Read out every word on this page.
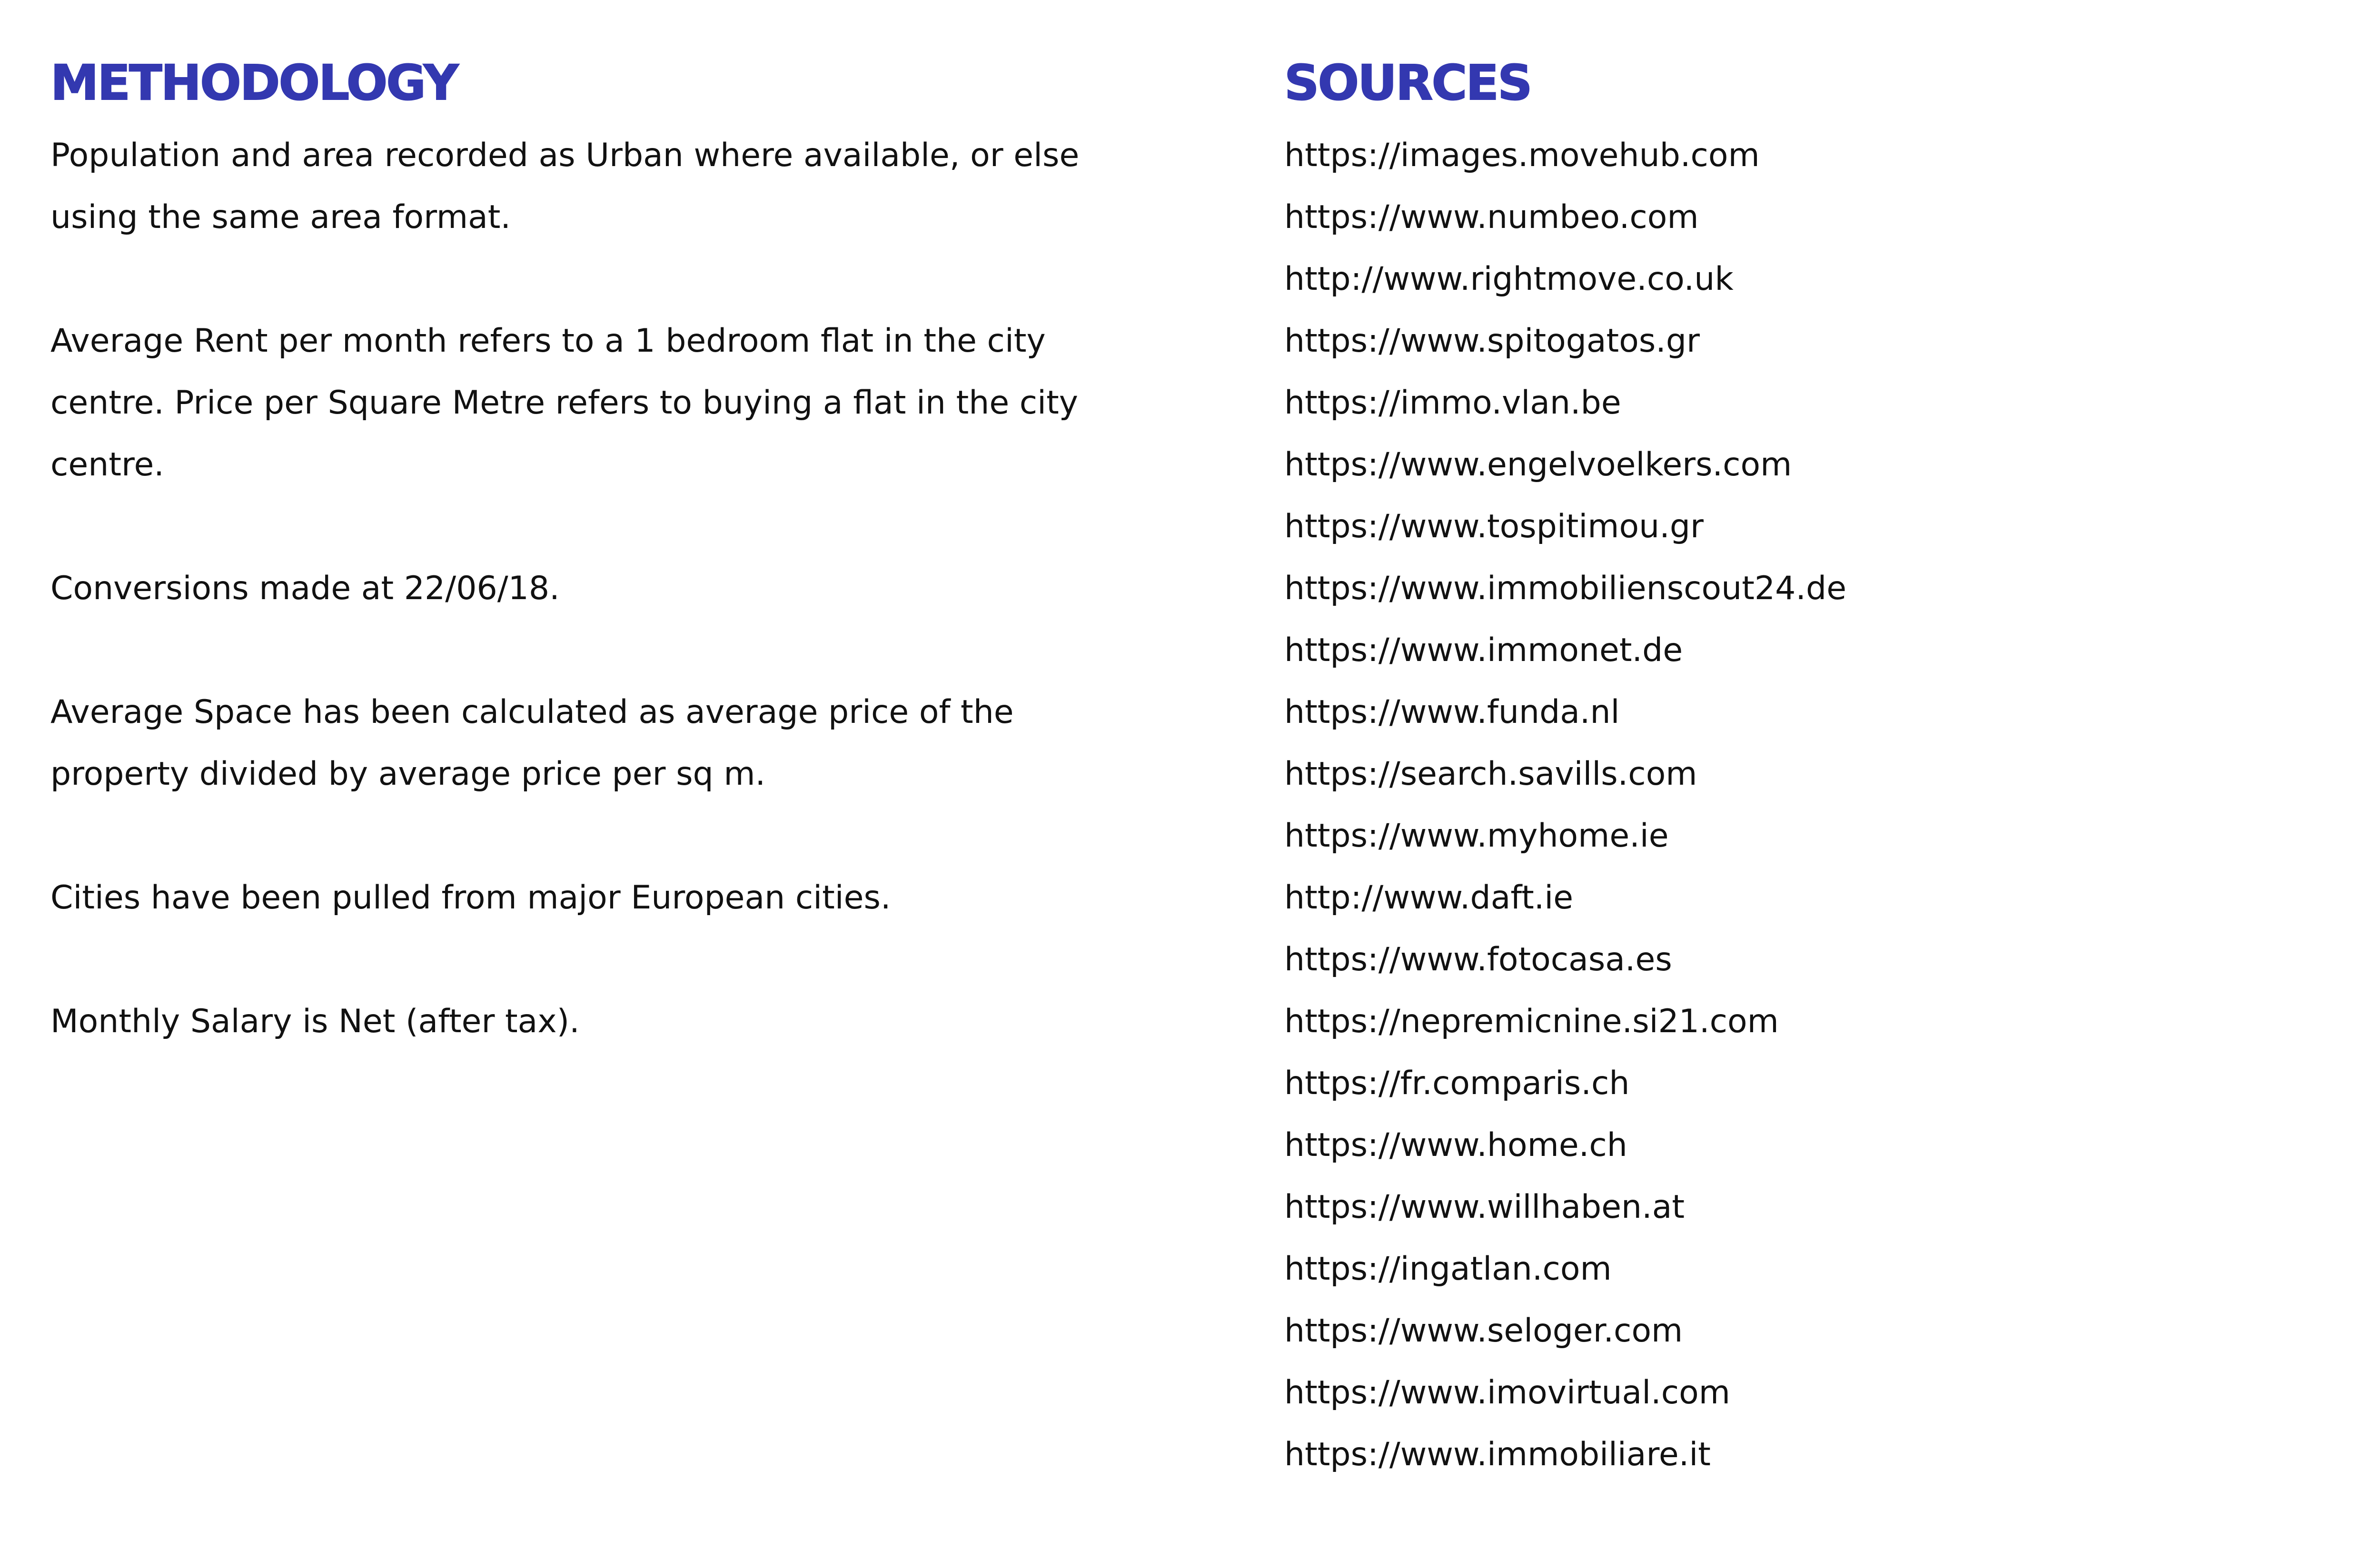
METHODOLOGY

Population and area recorded as Urban where available, or else using the same area format.

Average Rent per month refers to a 1 bedroom flat in the city centre. Price per Square Metre refers to buying a flat in the city centre.

Conversions made at 22/06/18.

Average Space has been calculated as average price of the property divided by average price per sq m.

Cities have been pulled from major European cities.

Monthly Salary is Net (after tax).

SOURCES
https://images.movehub.com
https://www.numbeo.com
http://www.rightmove.co.uk
https://www.spitogatos.gr
https://immo.vlan.be
https://www.engelvoelkers.com
https://www.tospitimou.gr
https://www.immobilienscout24.de
https://www.immonet.de
https://www.funda.nl
https://search.savills.com
https://www.myhome.ie
http://www.daft.ie
https://www.fotocasa.es
https://nepremicnine.si21.com
https://fr.comparis.ch
https://www.home.ch
https://www.willhaben.at
https://ingatlan.com
https://www.seloger.com
https://www.imovirtual.com
https://www.immobiliare.it
